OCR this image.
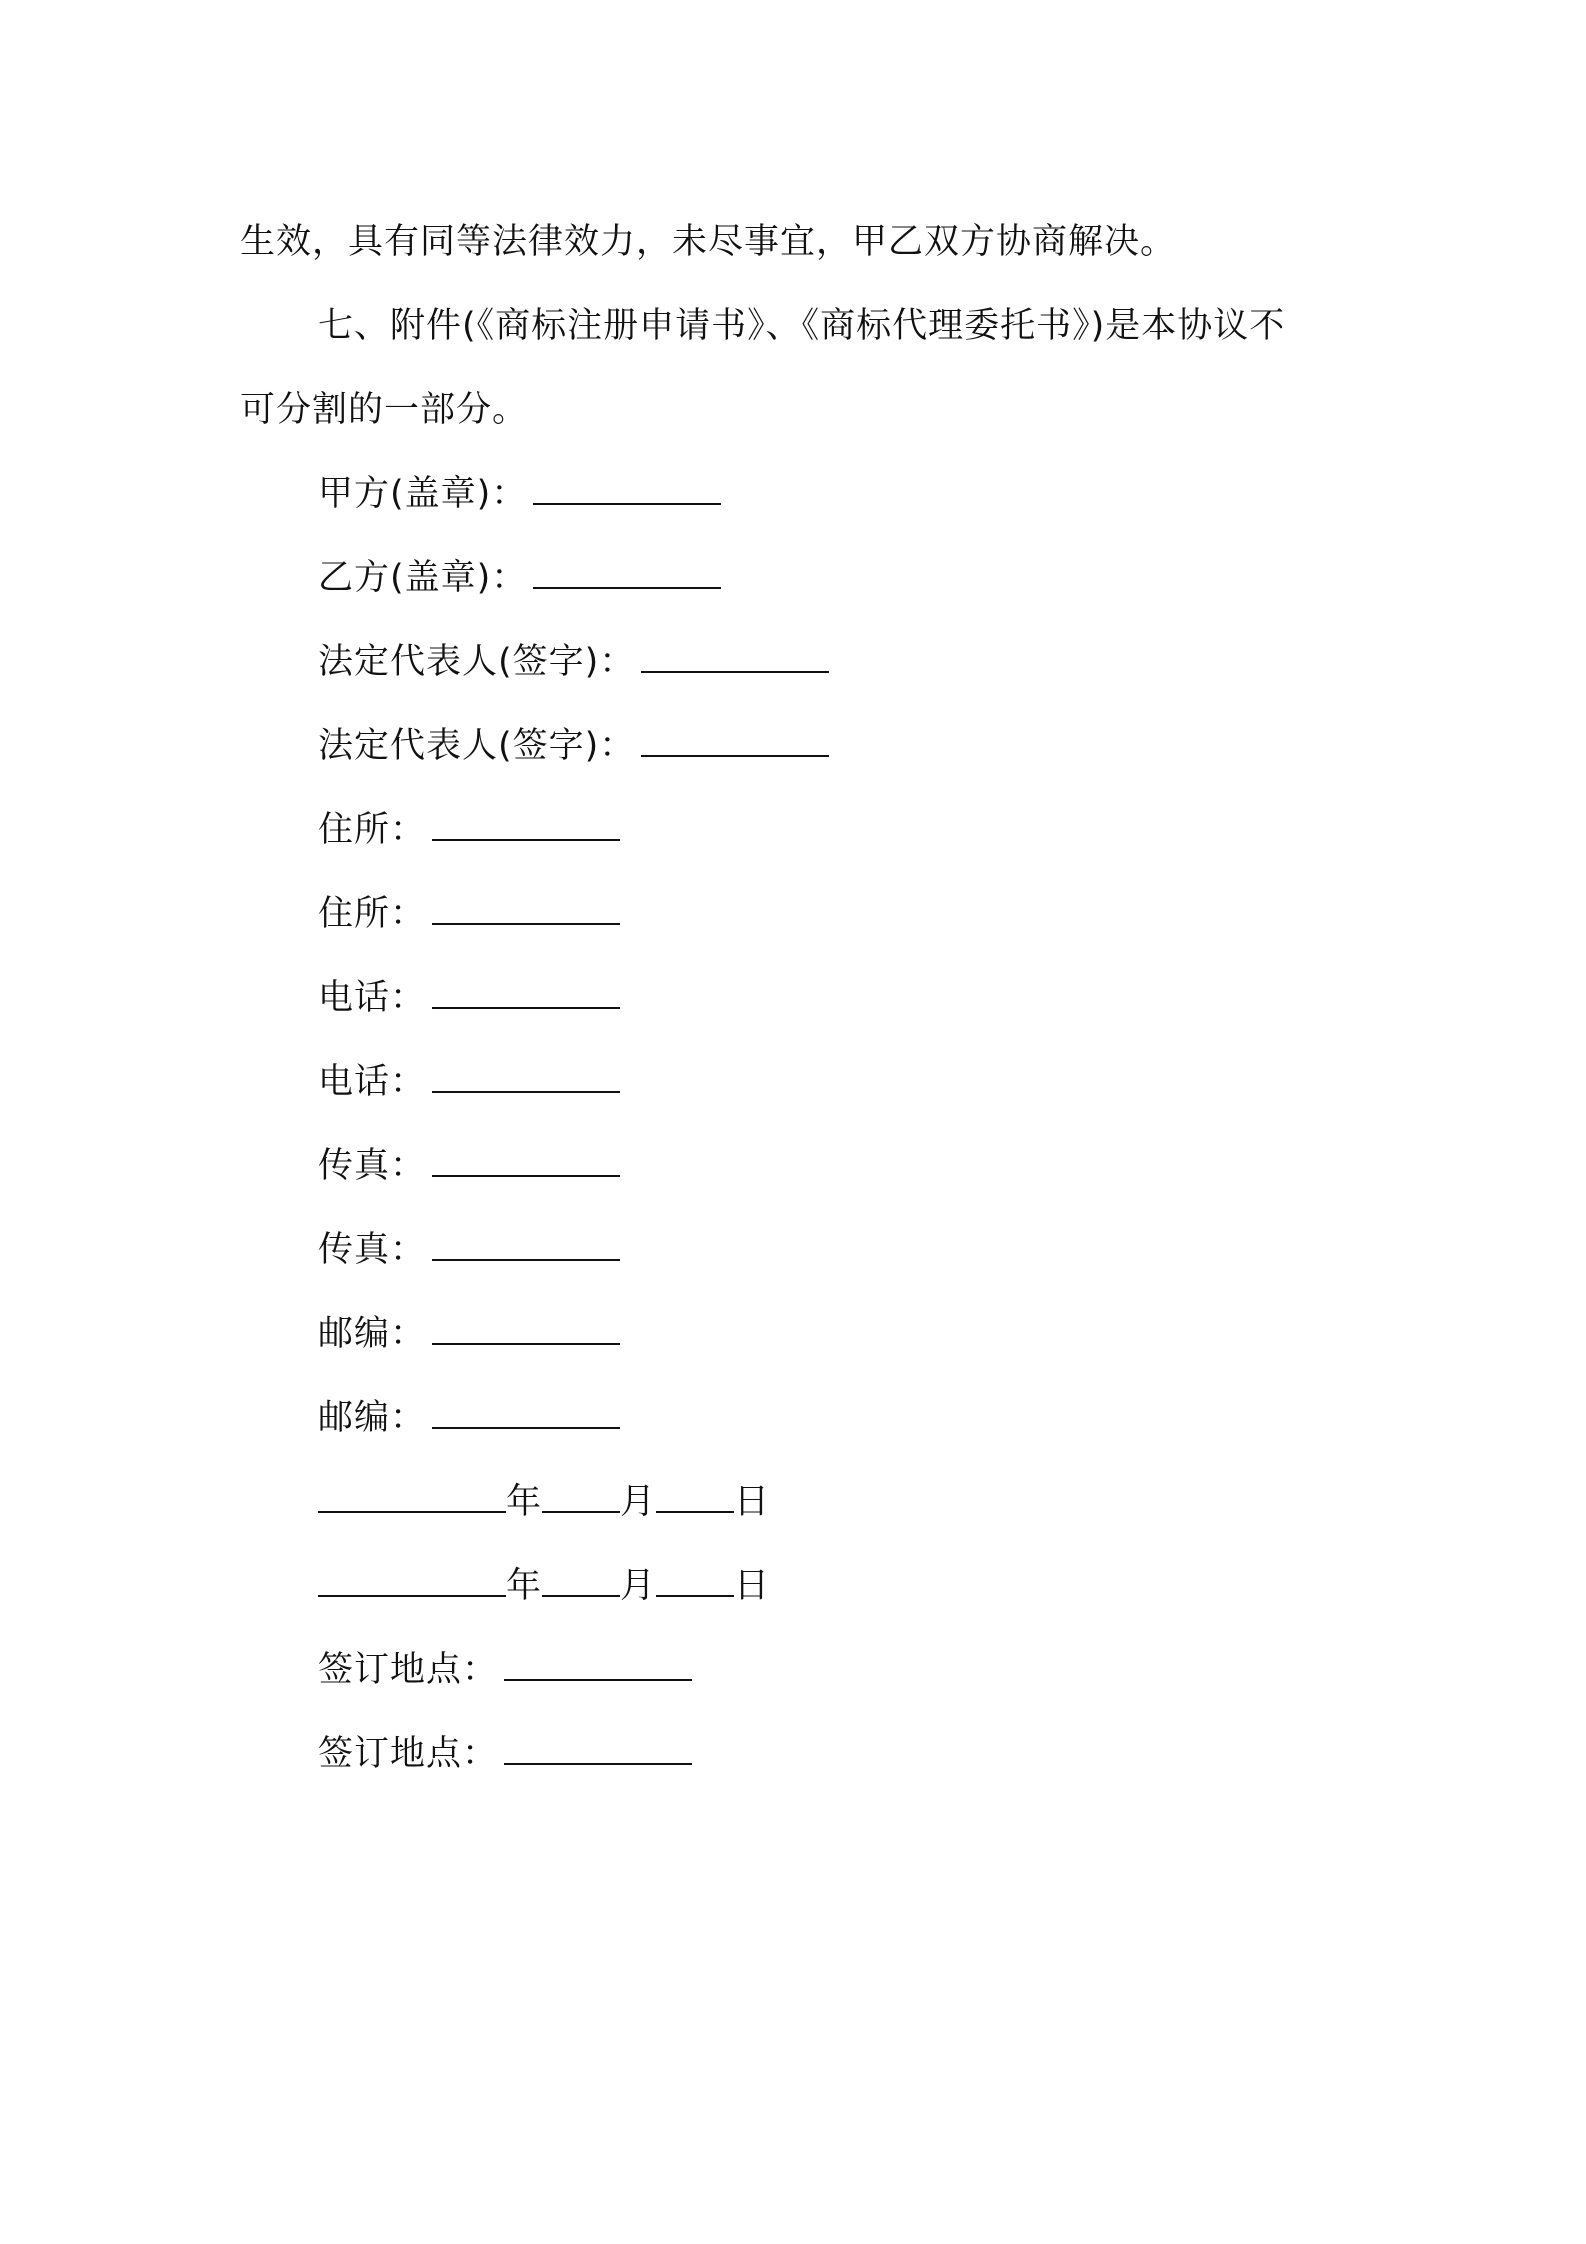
生效，具有同等法律效力，未尽事宜，甲乙双方协商解决。
七、附件(《商标注册申请书》、《商标代理委托书》)是本协议不
可分割的一部分。
甲方(盖章)：
乙方(盖章)：
法定代表人(签字)：
法定代表人(签字)：
住所：
住所：
电话：
电话：
传真：
传真：
邮编：
邮编：
年 月 日
年 月 日
签订地点：
签订地点：
